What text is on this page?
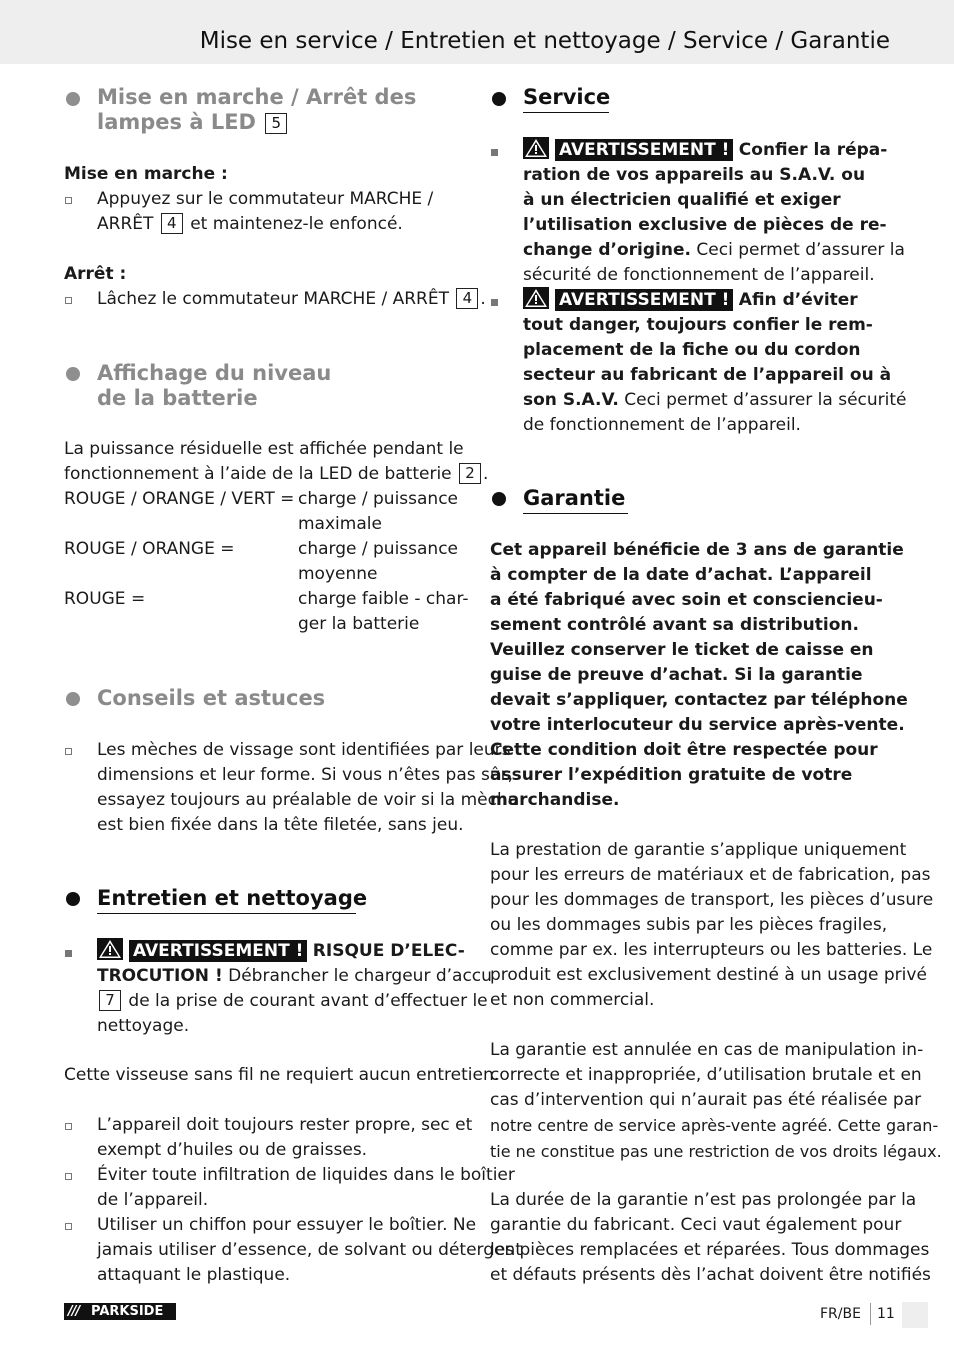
Mise en service / Entretien et nettoyage / Service / Garantie
Mise en marche / Arrêt des
lampes à LED 5
Mise en marche :
Appuyez sur le commutateur MARCHE /
ARRÊT 4 et maintenez-le enfoncé.
Arrêt :
Lâchez le commutateur MARCHE / ARRÊT 4 .
Affichage du niveau
de la batterie
La puissance résiduelle est affichée pendant le
fonctionnement à l’aide de la LED de batterie 2 .
ROUGE / ORANGE / VERT = charge / puissance
maximale
ROUGE / ORANGE =	charge / puissance
moyenne
ROUGE =	charge faible - char-
ger la batterie
Conseils et astuces
Les mèches de vissage sont identifiées par leurs
dimensions et leur forme. Si vous n’êtes pas sûr,
essayez toujours au préalable de voir si la mèche
est bien fixée dans la tête filetée, sans jeu.
Entretien et nettoyage
AVERTISSEMENT ! RISQUE D’ELEC-
TROCUTION ! Débrancher le chargeur d’accu
7 de la prise de courant avant d’effectuer le
nettoyage.
Cette visseuse sans fil ne requiert aucun entretien.
L’appareil doit toujours rester propre, sec et
exempt d’huiles ou de graisses.
Éviter toute infiltration de liquides dans le boîtier
de l’appareil.
Utiliser un chiffon pour essuyer le boîtier. Ne
jamais utiliser d’essence, de solvant ou détergent
attaquant le plastique.
Service
AVERTISSEMENT ! Confier la répa-
ration de vos appareils au S.A.V. ou
à un électricien qualifié et exiger
l’utilisation exclusive de pièces de re-
change d’origine. Ceci permet d’assurer la
sécurité de fonctionnement de l’appareil.
AVERTISSEMENT ! Afin d’éviter
tout danger, toujours confier le rem-
placement de la fiche ou du cordon
secteur au fabricant de l’appareil ou à
son S.A.V. Ceci permet d’assurer la sécurité
de fonctionnement de l’appareil.
Garantie
Cet appareil bénéficie de 3 ans de garantie
à compter de la date d’achat. L’appareil
a été fabriqué avec soin et consciencieu-
sement contrôlé avant sa distribution.
Veuillez conserver le ticket de caisse en
guise de preuve d’achat. Si la garantie
devait s’appliquer, contactez par téléphone
votre interlocuteur du service après-vente.
Cette condition doit être respectée pour
assurer l’expédition gratuite de votre
marchandise.
La prestation de garantie s’applique uniquement
pour les erreurs de matériaux et de fabrication, pas
pour les dommages de transport, les pièces d’usure
ou les dommages subis par les pièces fragiles,
comme par ex. les interrupteurs ou les batteries. Le
produit est exclusivement destiné à un usage privé
et non commercial.
La garantie est annulée en cas de manipulation in-
correcte et inappropriée, d’utilisation brutale et en
cas d’intervention qui n’aurait pas été réalisée par
notre centre de service après-vente agréé. Cette garan-
tie ne constitue pas une restriction de vos droits légaux.
La durée de la garantie n’est pas prolongée par la
garantie du fabricant. Ceci vaut également pour
les pièces remplacées et réparées. Tous dommages
et défauts présents dès l’achat doivent être notifiés
/// PARKSIDE	FR/BE 11
